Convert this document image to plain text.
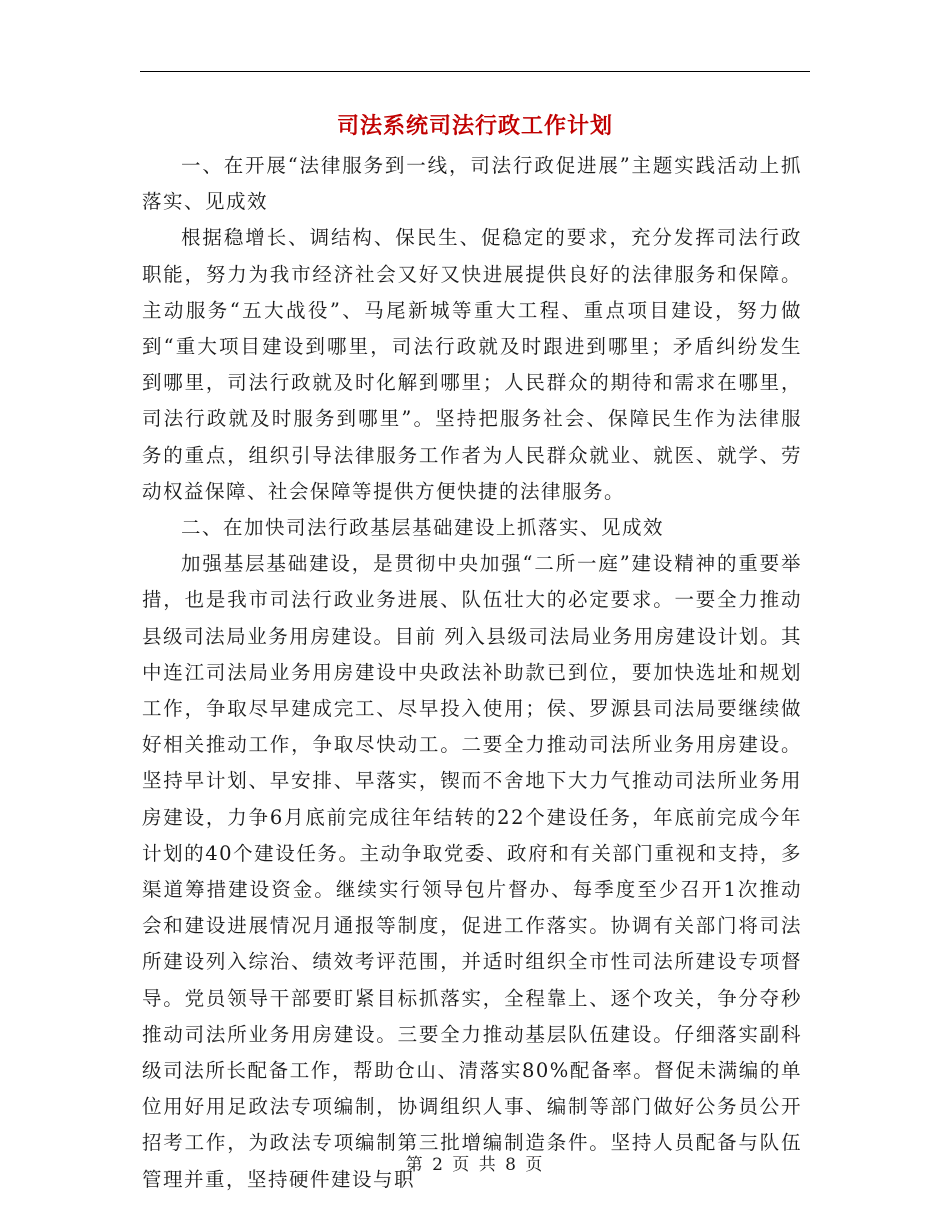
司法系统司法行政工作计划

一、在开展“法律服务到一线，司法行政促进展”主题实践活动上抓落实、见成效

根据稳增长、调结构、保民生、促稳定的要求，充分发挥司法行政职能，努力为我市经济社会又好又快进展提供良好的法律服务和保障。主动服务“五大战役”、马尾新城等重大工程、重点项目建设，努力做到“重大项目建设到哪里，司法行政就及时跟进到哪里；矛盾纠纷发生到哪里，司法行政就及时化解到哪里；人民群众的期待和需求在哪里，司法行政就及时服务到哪里”。坚持把服务社会、保障民生作为法律服务的重点，组织引导法律服务工作者为人民群众就业、就医、就学、劳动权益保障、社会保障等提供方便快捷的法律服务。

二、在加快司法行政基层基础建设上抓落实、见成效

加强基层基础建设，是贯彻中央加强“二所一庭”建设精神的重要举措，也是我市司法行政业务进展、队伍壮大的必定要求。一要全力推动县级司法局业务用房建设。目前 列入县级司法局业务用房建设计划。其中连江司法局业务用房建设中央政法补助款已到位，要加快选址和规划工作，争取尽早建成完工、尽早投入使用；侯、罗源县司法局要继续做好相关推动工作，争取尽快动工。二要全力推动司法所业务用房建设。坚持早计划、早安排、早落实，锲而不舍地下大力气推动司法所业务用房建设，力争6月底前完成往年结转的22个建设任务，年底前完成今年计划的40个建设任务。主动争取党委、政府和有关部门重视和支持，多渠道筹措建设资金。继续实行领导包片督办、每季度至少召开1次推动会和建设进展情况月通报等制度，促进工作落实。协调有关部门将司法所建设列入综治、绩效考评范围，并适时组织全市性司法所建设专项督导。党员领导干部要盯紧目标抓落实，全程靠上、逐个攻关，争分夺秒推动司法所业务用房建设。三要全力推动基层队伍建设。仔细落实副科级司法所长配备工作，帮助仓山、清落实80%配备率。督促未满编的单位用好用足政法专项编制，协调组织人事、编制等部门做好公务员公开招考工作，为政法专项编制第三批增编制造条件。坚持人员配备与队伍管理并重，坚持硬件建设与职

第 2 页 共 8 页
